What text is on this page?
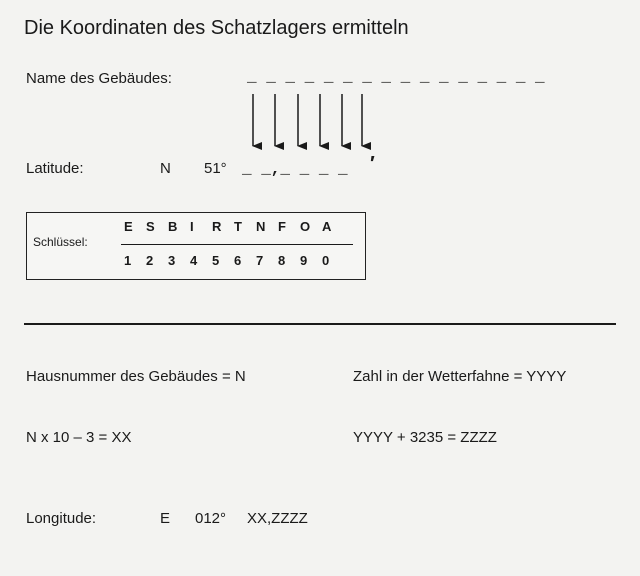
Die Koordinaten des Schatzlagers ermitteln
Name des Gebäudes:	_ _ _ _ _ _ _ _ _ _ _ _ _ _ _ _
Latitude:	N 51° _ _,_ _ _ _ ′
Schlüssel:
E S B I R T N F O A
1 2 3 4 5 6 7 8 9 0
Hausnummer des Gebäudes = N	Zahl in der Wetterfahne = YYYY
N x 10 – 3 = XX	YYYY + 3235 = ZZZZ
Longitude:	E 012° XX,ZZZZ
